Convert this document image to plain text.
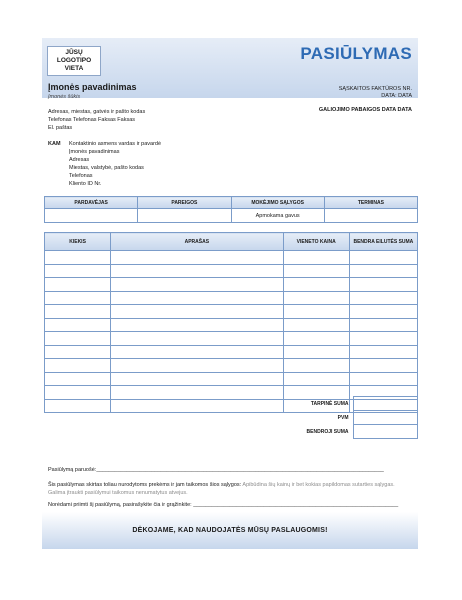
JŪSŲ LOGOTIPO VIETA
PASIŪLYMAS
Įmonės pavadinimas
Įmonės šūkis
SĄSKAITOS FAKTŪROS NR.
DATA: DATA
GALIOJIMO PABAIGOS DATA DATA
Adresas, miestas, gatvės ir pašto kodas
Telefonas Telefonas Faksas Faksas
El. paštas
KAM Kontaktinio asmens vardas ir pavardė
Įmonės pavadinimas
Adresas
Miestas, valstybė, pašto kodas
Telefonas
Kliento ID Nr.
PARDAVĖJAS	PAREIGOS	MOKĖJIMO SĄLYGOS	TERMINAS
		Apmokama gavus	
KIEKIS	APRAŠAS	VIENETO KAINA	BENDRA EILUTĖS SUMA

TARPINĖ SUMA	
PVM	
BENDROJI SUMA	
Pasiūlymą paruošė:______________________________________________________________________________________________
Šis pasiūlymas skirtas toliau nurodytoms prekėms ir jam taikomos šios sąlygos: Apibūdina šių kainų ir bet kokias papildomas sutarties sąlygas. Galima įtraukti pasiūlymui taikomus nenumatytus atvejus.
Norėdami priimti šį pasiūlymą, pasirašykite čia ir grąžinkite: ___________________________________________________________________
DĖKOJAME, KAD NAUDOJATĖS MŪSŲ PASLAUGOMIS!
